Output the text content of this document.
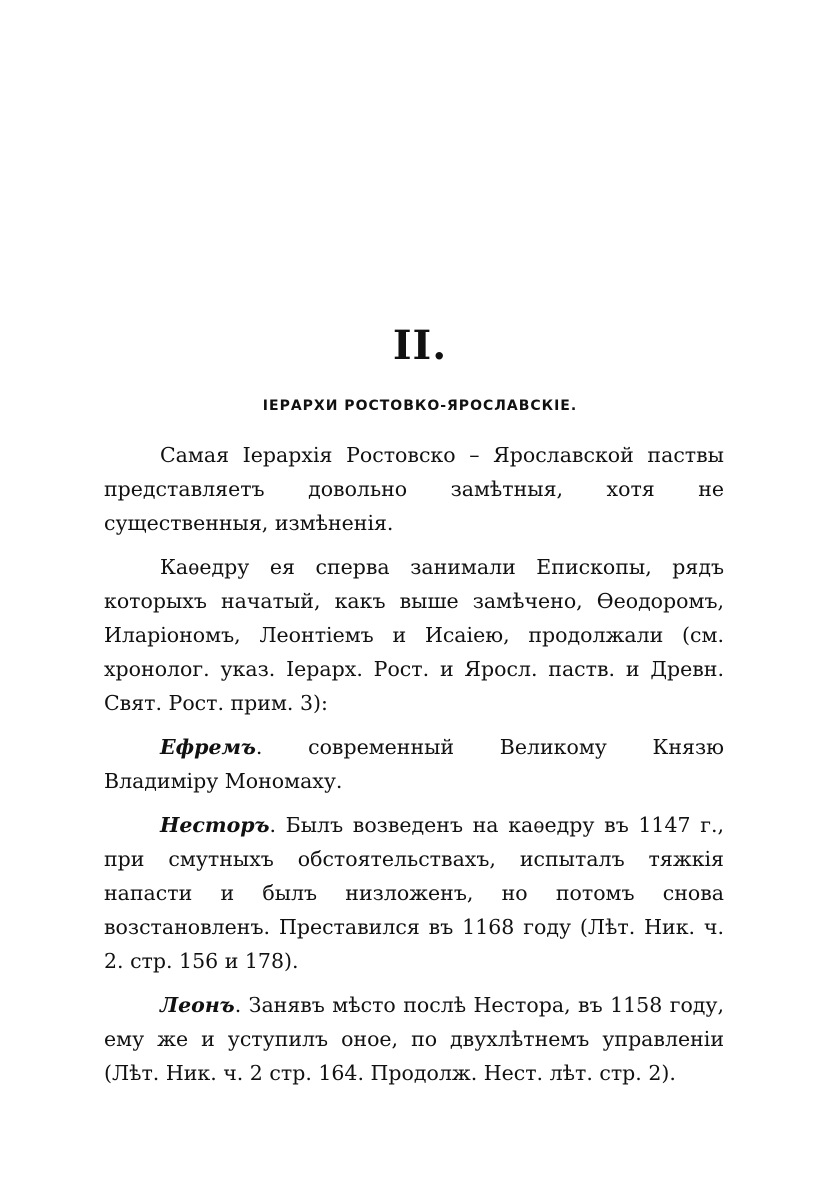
II.
IЕРАРХИ РОСТОВКО-ЯРОСЛАВСКIЕ.

Самая Iерархiя Ростовско – Ярославской паствы представляетъ довольно замѣтныя, хотя не существенныя, измѣненiя.

Каѳедру ея сперва занимали Епископы, рядъ которыхъ начатый, какъ выше замѣчено, Ѳеодоромъ, Иларiономъ, Леонтiемъ и Исаiею, продолжали (см. хронолог. указ. Iерарх. Рост. и Яросл. паств. и Древн. Свят. Рост. прим. 3):

Ефремъ. современный Великому Князю Владимiру Мономаху.

Несторъ. Былъ возведенъ на каѳедру въ 1147 г., при смутныхъ обстоятельствахъ, испыталъ тяжкiя напасти и былъ низложенъ, но потомъ снова возстановленъ. Преставился въ 1168 году (Лѣт. Ник. ч. 2. стр. 156 и 178).

Леонъ. Занявъ мѣсто послѣ Нестора, въ 1158 году, ему же и уступилъ оное, по двухлѣтнемъ управленiи (Лѣт. Ник. ч. 2 стр. 164. Продолж. Нест. лѣт. стр. 2).
